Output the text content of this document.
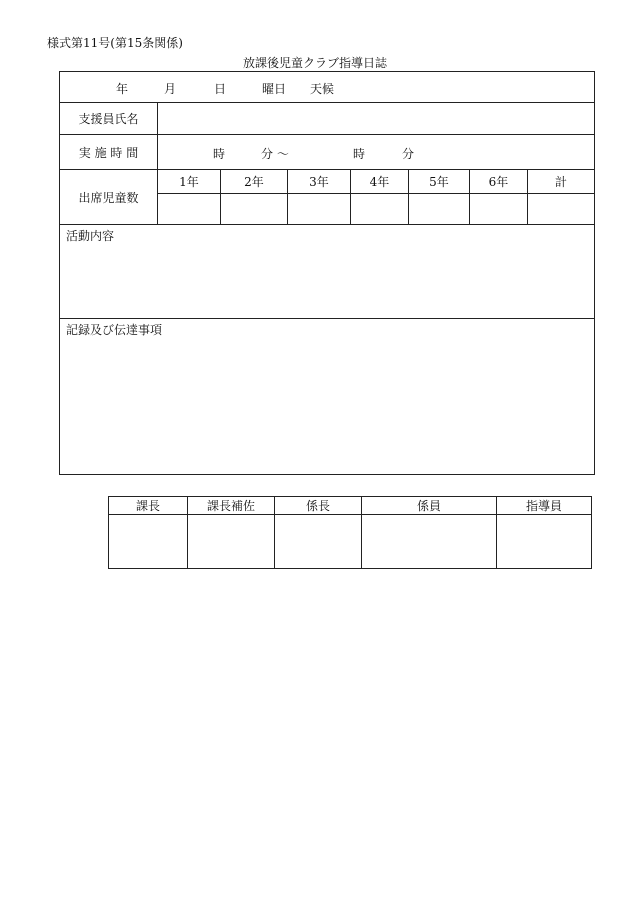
様式第11号(第15条関係)
放課後児童クラブ指導日誌
年 月 日 曜日 天候							

支援員氏名							
実 施 時 間	時 分 〜 時 分						

出席児童数	1年	2年	3年	4年	5年	6年	計

活動内容							

記録及び伝達事項							
課長	課長補佐	係長	係員	指導員
